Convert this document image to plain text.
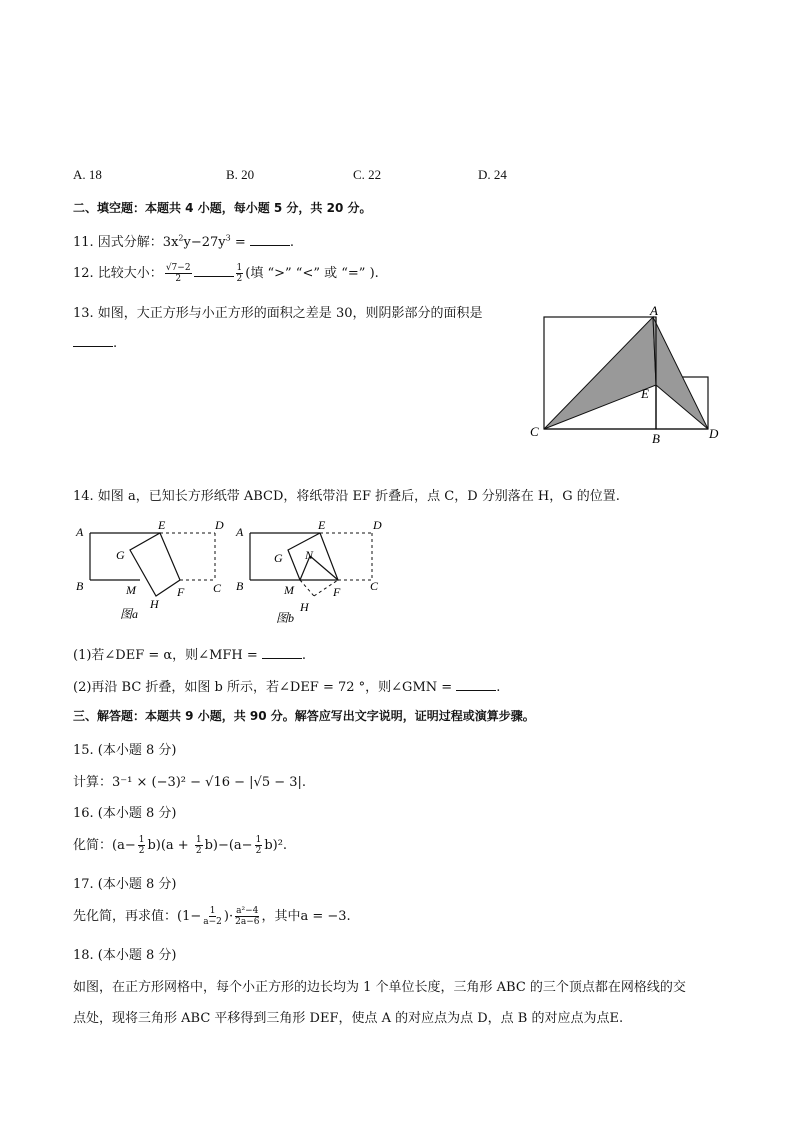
A. 18	B. 20	C. 22	D. 24
二、填空题：本题共 4 小题，每小题 5 分，共 20 分。
11. 因式分解：$3x^2y-27y^3$ =	.
12. 比较大小： $\frac{√7-2}{2}$	$\frac{1}{2}$ (填 “>” “<” 或 “=” ).
13. 如图，大正方形与小正方形的面积之差是 30，则阴影部分的面积是
.
A
B
C	D
E
14. 如图 a，已知长方形纸带 ABCD，将纸带沿 EF 折叠后，点 C，D 分别落在 H，G 的位置.
A
B
D
C
E
F
G
H
M
图a
A
B
D
C
E
F
G
H
M
N
图b
(1)若∠DEF = α，则∠MFH =	.
(2)再沿 BC 折叠，如图 b 所示，若∠DEF = 72 °，则∠GMN =	.
三、解答题：本题共 9 小题，共 90 分。解答应写出文字说明，证明过程或演算步骤。
15. (本小题 8 分)
计算：3⁻¹ × (−3)² − √16 − |√5 − 3|.
16. (本小题 8 分)
化简：$(a- \frac{1}{2} b)(a + \frac{1}{2} b)-(a- \frac{1}{2} b)^2$.
17. (本小题 8 分)
先化简，再求值：($1- \frac{1}{a-2}$ )· $\frac{\text{a²−4}}{2a-6}$ ，其中a = −3.
18. (本小题 8 分)
如图，在正方形网格中，每个小正方形的边长均为 1 个单位长度，三角形 ABC 的三个顶点都在网格线的交
点处，现将三角形 ABC 平移得到三角形 DEF，使点 A 的对应点为点 D，点 B 的对应点为点E.
